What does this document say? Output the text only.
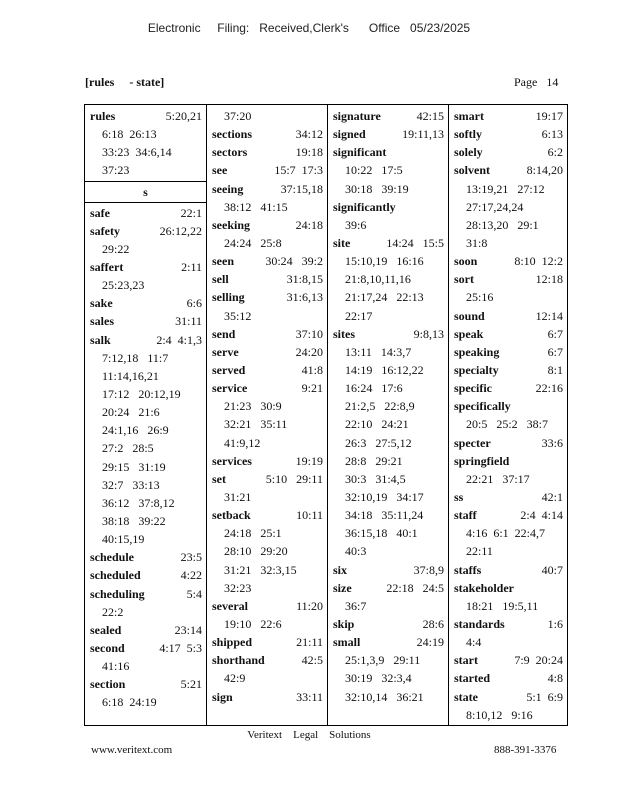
Electronic     Filing:   Received,Clerk's      Office   05/23/2025
[rules     - state]	Page   14
rules	5:20,21
6:18  26:13
33:23  34:6,14
37:23
s
safe	22:1
safety	26:12,22
29:22
saffert	2:11
25:23,23
sake	6:6
sales	31:11
salk	2:4  4:1,3
7:12,18   11:7
11:14,16,21
17:12   20:12,19
20:24   21:6
24:1,16   26:9
27:2   28:5
29:15   31:19
32:7   33:13
36:12   37:8,12
38:18   39:22
40:15,19
schedule	23:5
scheduled	4:22
scheduling	5:4
22:2
sealed	23:14
second	4:17  5:3
41:16
section	5:21
6:18  24:19
37:20
sections	34:12
sectors	19:18
see	15:7  17:3
seeing	37:15,18
38:12   41:15
seeking	24:18
24:24   25:8
seen	30:24   39:2
sell	31:8,15
selling	31:6,13
35:12
send	37:10
serve	24:20
served	41:8
service	9:21
21:23   30:9
32:21   35:11
41:9,12
services	19:19
set	5:10   29:11
31:21
setback	10:11
24:18   25:1
28:10   29:20
31:21   32:3,15
32:23
several	11:20
19:10   22:6
shipped	21:11
shorthand	42:5
42:9
sign	33:11
signature	42:15
signed	19:11,13
significant
10:22   17:5
30:18   39:19
significantly
39:6
site	14:24   15:5
15:10,19   16:16
21:8,10,11,16
21:17,24   22:13
22:17
sites	9:8,13
13:11   14:3,7
14:19   16:12,22
16:24   17:6
21:2,5   22:8,9
22:10   24:21
26:3   27:5,12
28:8   29:21
30:3   31:4,5
32:10,19   34:17
34:18   35:11,24
36:15,18   40:1
40:3
six	37:8,9
size	22:18   24:5
36:7
skip	28:6
small	24:19
25:1,3,9   29:11
30:19   32:3,4
32:10,14   36:21
smart	19:17
softly	6:13
solely	6:2
solvent	8:14,20
13:19,21   27:12
27:17,24,24
28:13,20   29:1
31:8
soon	8:10  12:2
sort	12:18
25:16
sound	12:14
speak	6:7
speaking	6:7
specialty	8:1
specific	22:16
specifically
20:5   25:2   38:7
specter	33:6
springfield
22:21   37:17
ss	42:1
staff	2:4  4:14
4:16  6:1  22:4,7
22:11
staffs	40:7
stakeholder
18:21   19:5,11
standards	1:6
4:4
start	7:9  20:24
started	4:8
state	5:1  6:9
8:10,12   9:16
Veritext    Legal    Solutions
www.veritext.com	888-391-3376
